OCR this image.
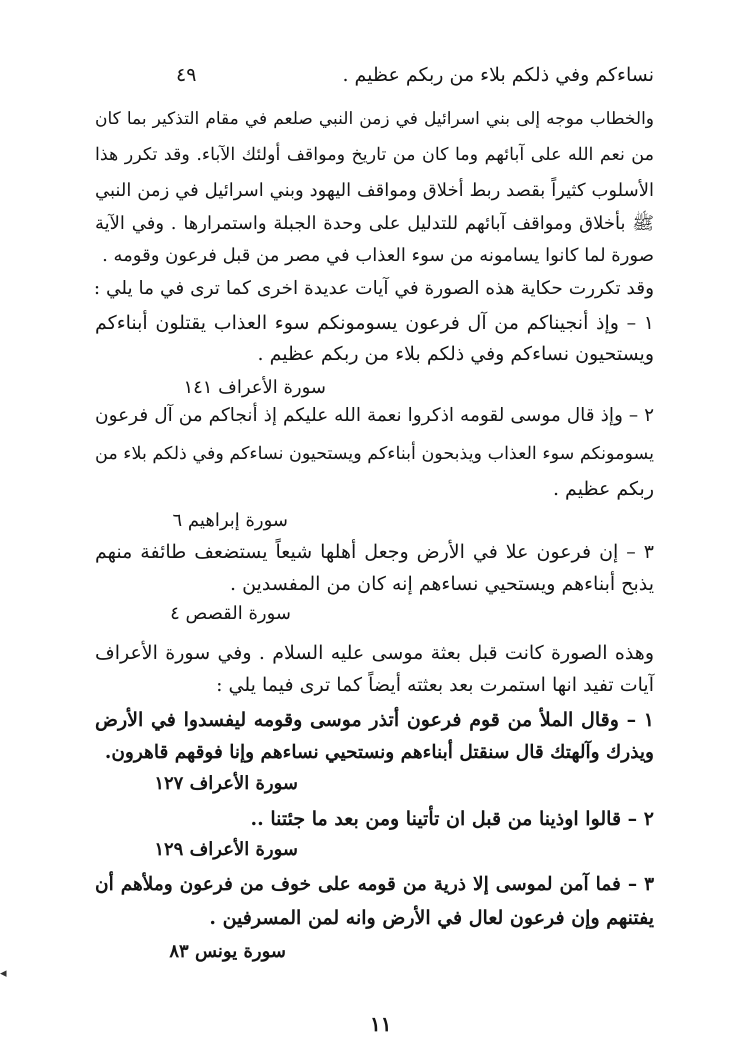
نساءكم وفي ذلكم بلاء من ربكم عظيم .
٤٩
والخطاب موجه إلى بني اسرائيل في زمن النبي صلعم في مقام التذكير بما كان
من نعم الله على آبائهم وما كان من تاريخ ومواقف أولئك الآباء. وقد تكرر هذا
الأسلوب كثيراً بقصد ربط أخلاق ومواقف اليهود وبني اسرائيل في زمن النبي
ﷺ بأخلاق ومواقف آبائهم للتدليل على وحدة الجبلة واستمرارها . وفي الآية
صورة لما كانوا يسامونه من سوء العذاب في مصر من قبل فرعون وقومه .
وقد تكررت حكاية هذه الصورة في آيات عديدة اخرى كما ترى في ما يلي :
١ – وإذ أنجيناكم من آل فرعون يسومونكم سوء العذاب يقتلون أبناءكم
ويستحيون نساءكم وفي ذلكم بلاء من ربكم عظيم .
سورة الأعراف ١٤١
٢ – وإذ قال موسى لقومه اذكروا نعمة الله عليكم إذ أنجاكم من آل فرعون
يسومونكم سوء العذاب ويذبحون أبناءكم ويستحيون نساءكم وفي ذلكم بلاء من
ربكم عظيم .
سورة إبراهيم ٦
٣ – إن فرعون علا في الأرض وجعل أهلها شيعاً يستضعف طائفة منهم
يذبح أبناءهم ويستحيي نساءهم إنه كان من المفسدين .
سورة القصص ٤
وهذه الصورة كانت قبل بعثة موسى عليه السلام . وفي سورة الأعراف
آيات تفيد انها استمرت بعد بعثته أيضاً كما ترى فيما يلي :
١ – وقال الملأ من قوم فرعون أتذر موسى وقومه ليفسدوا في الأرض
ويذرك وآلهتك قال سنقتل أبناءهم ونستحيي نساءهم وإنا فوقهم قاهرون.
سورة الأعراف ١٢٧
٢ – قالوا اوذينا من قبل ان تأتينا ومن بعد ما جئتنا ..
سورة الأعراف ١٢٩
٣ – فما آمن لموسى إلا ذرية من قومه على خوف من فرعون وملأهم أن
يفتنهم وإن فرعون لعال في الأرض وانه لمن المسرفين .
سورة يونس ٨٣
◂
١١
